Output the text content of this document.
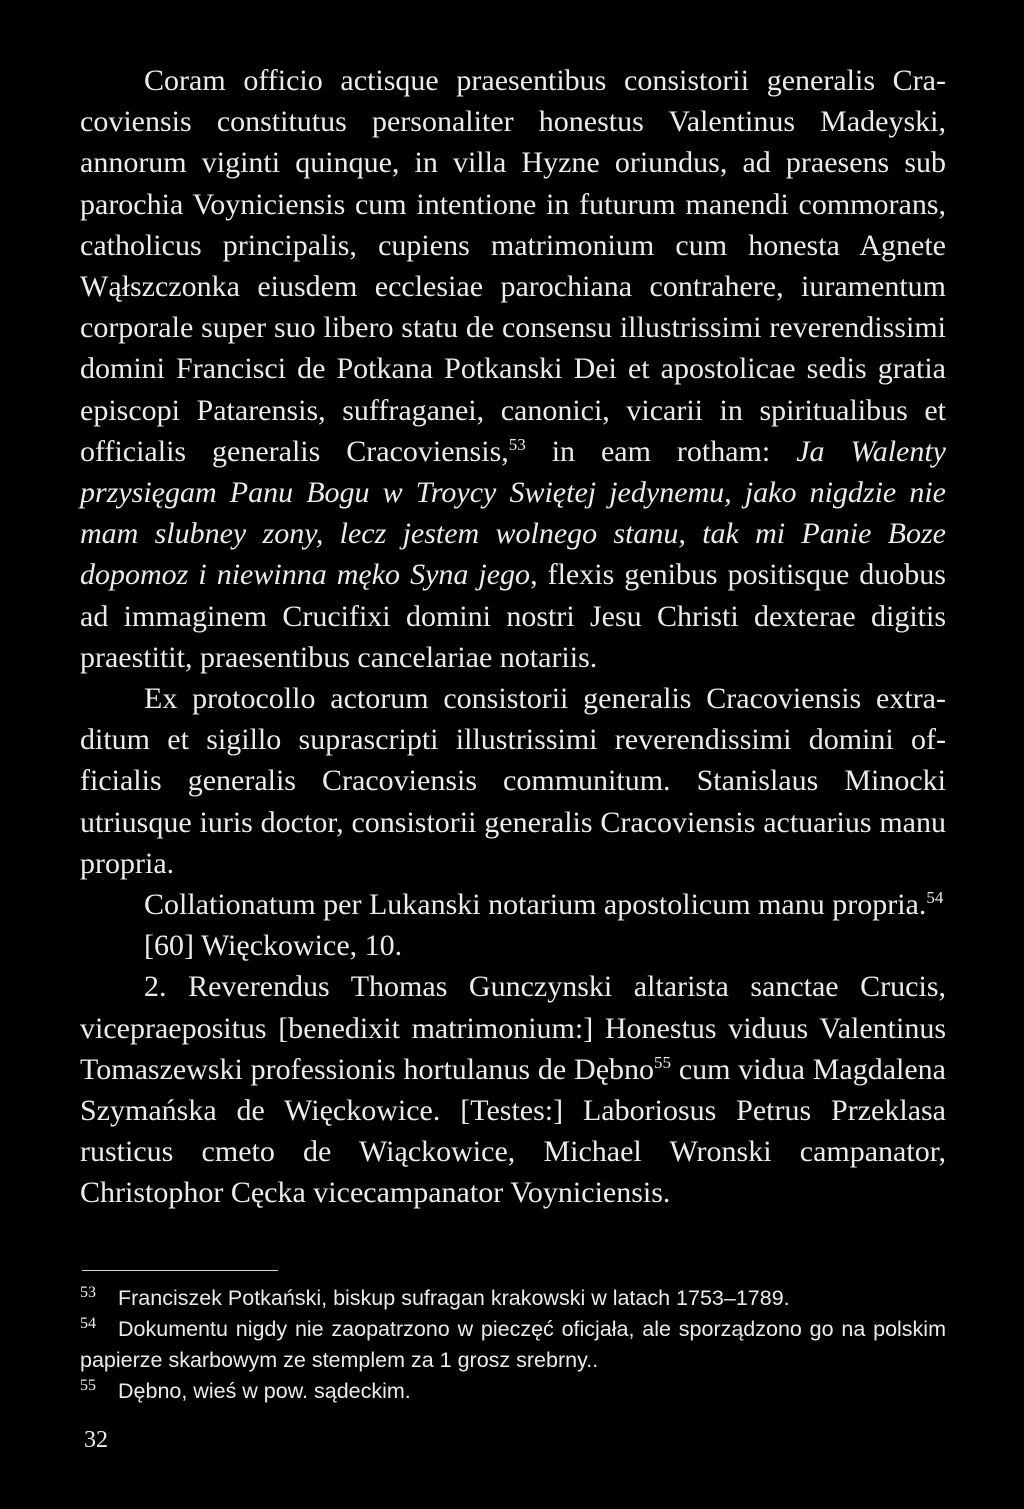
Coram officio actisque praesentibus consistorii generalis Cracoviensis constitutus personaliter honestus Valentinus Madeyski, annorum viginti quinque, in villa Hyzne oriundus, ad praesens sub parochia Voyniciensis cum intentione in futurum manendi commorans, catholicus principalis, cupiens matrimonium cum honesta Agnete Wąłszczonka eiusdem ecclesiae parochiana contrahere, iuramentum corporale super suo libero statu de consensu illustrissimi reverendissimi domini Francisci de Potkana Potkanski Dei et apostolicae sedis gratia episcopi Patarensis, suffraganei, canonici, vicarii in spiritualibus et officialis generalis Cracoviensis,$^{53}$ in eam rotham: Ja Walenty przysięgam Panu Bogu w Troycy Swiętej jedynemu, jako nigdzie nie mam slubney zony, lecz jestem wolnego stanu, tak mi Panie Boze dopomoz i niewinna męko Syna jego, flexis genibus positisque duobus ad immaginem Crucifixi domini nostri Jesu Christi dexterae digitis praestitit, praesentibus cancelariae notariis.

Ex protocollo actorum consistorii generalis Cracoviensis extraditum et sigillo suprascripti illustrissimi reverendissimi domini officialis generalis Cracoviensis communitum. Stanislaus Minocki utriusque iuris doctor, consistorii generalis Cracoviensis actuarius manu propria.

Collationatum per Lukanski notarium apostolicum manu propria.$^{54}$

[60] Więckowice, 10.

2. Reverendus Thomas Gunczynski altarista sanctae Crucis, vicepraepositus [benedixit matrimonium:] Honestus viduus Valentinus Tomaszewski professionis hortulanus de Dębno$^{55}$ cum vidua Magdalena Szymańska de Więckowice. [Testes:] Laboriosus Petrus Przeklasa rusticus cmeto de Wiąckowice, Michael Wronski campanator, Christophor Cęcka vicecampanator Voyniciensis.

53 Franciszek Potkański, biskup sufragan krakowski w latach 1753–1789.

54 Dokumentu nigdy nie zaopatrzono w pieczęć oficjała, ale sporządzono go na polskim papierze skarbowym ze stemplem za 1 grosz srebrny..

55 Dębno, wieś w pow. sądeckim.

32
